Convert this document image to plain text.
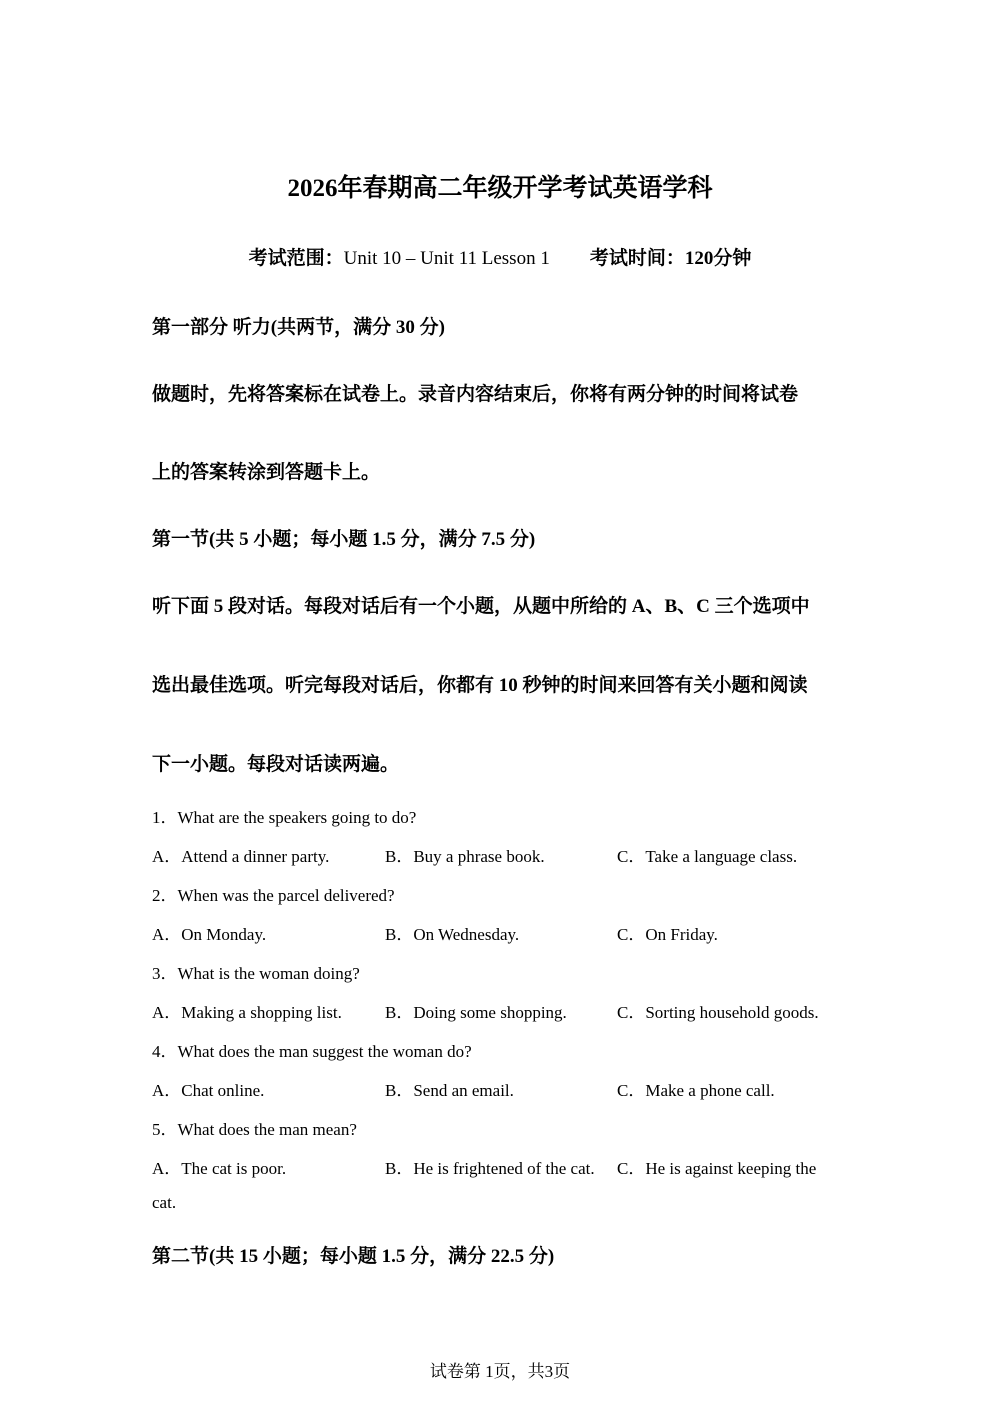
2026年春期高二年级开学考试英语学科
考试范围：Unit 10 – Unit 11 Lesson 1 考试时间：120分钟
第一部分 听力(共两节，满分 30 分)
做题时，先将答案标在试卷上。录音内容结束后，你将有两分钟的时间将试卷
上的答案转涂到答题卡上。
第一节(共 5 小题；每小题 1.5 分，满分 7.5 分)
听下面 5 段对话。每段对话后有一个小题，从题中所给的 A、B、C 三个选项中
选出最佳选项。听完每段对话后，你都有 10 秒钟的时间来回答有关小题和阅读
下一小题。每段对话读两遍。
1．What are the speakers going to do?
A．Attend a dinner party.	B．Buy a phrase book.	C．Take a language class.
2．When was the parcel delivered?
A．On Monday.	B．On Wednesday.	C．On Friday.
3．What is the woman doing?
A．Making a shopping list.	B．Doing some shopping.	C．Sorting household goods.
4．What does the man suggest the woman do?
A．Chat online.	B．Send an email.	C．Make a phone call.
5．What does the man mean?
A．The cat is poor.	B．He is frightened of the cat. C．He is against keeping the
cat.
第二节(共 15 小题；每小题 1.5 分，满分 22.5 分)
试卷第 1页，共3页
